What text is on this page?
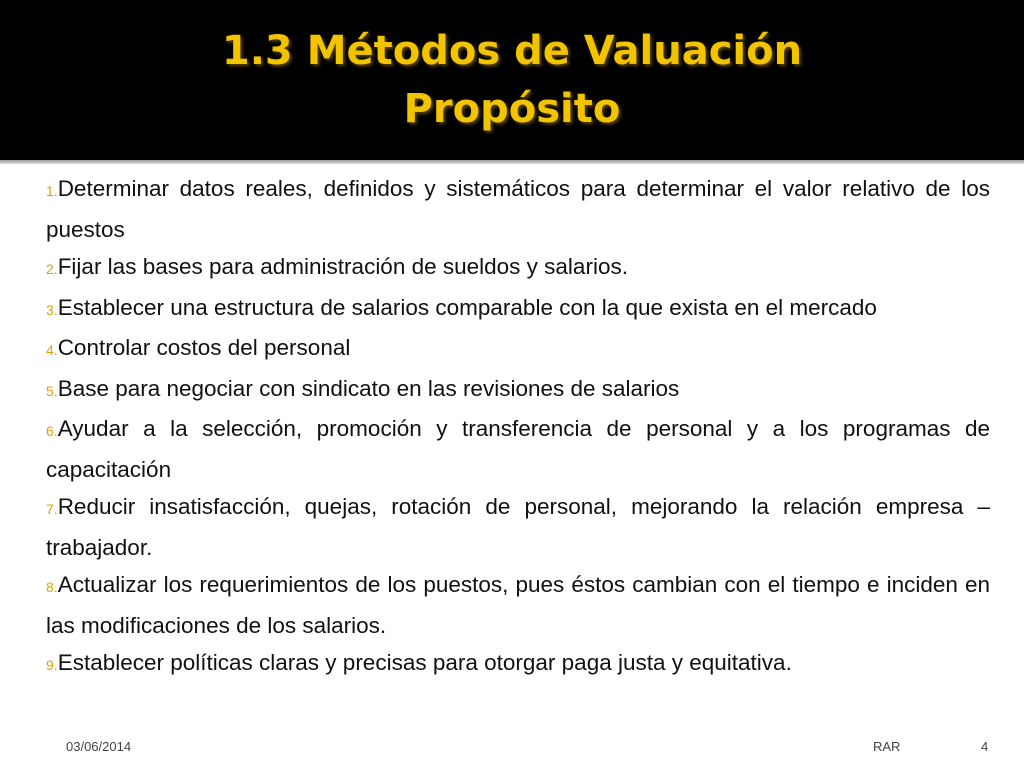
1.3 Métodos de Valuación
Propósito

1.Determinar datos reales, definidos y sistemáticos para determinar el valor relativo de los puestos

2.Fijar las bases para administración de sueldos y salarios.

3.Establecer una estructura de salarios comparable con la que exista en el mercado

4.Controlar costos del personal

5.Base para negociar con sindicato en las revisiones de salarios

6.Ayudar a la selección, promoción y transferencia de personal y a los programas de capacitación

7.Reducir insatisfacción, quejas, rotación de personal, mejorando la relación empresa – trabajador.

8.Actualizar los requerimientos de los puestos, pues éstos cambian con el tiempo e inciden en las modificaciones de los salarios.

9.Establecer políticas claras y precisas para otorgar paga justa y equitativa.

03/06/2014	RAR	4
